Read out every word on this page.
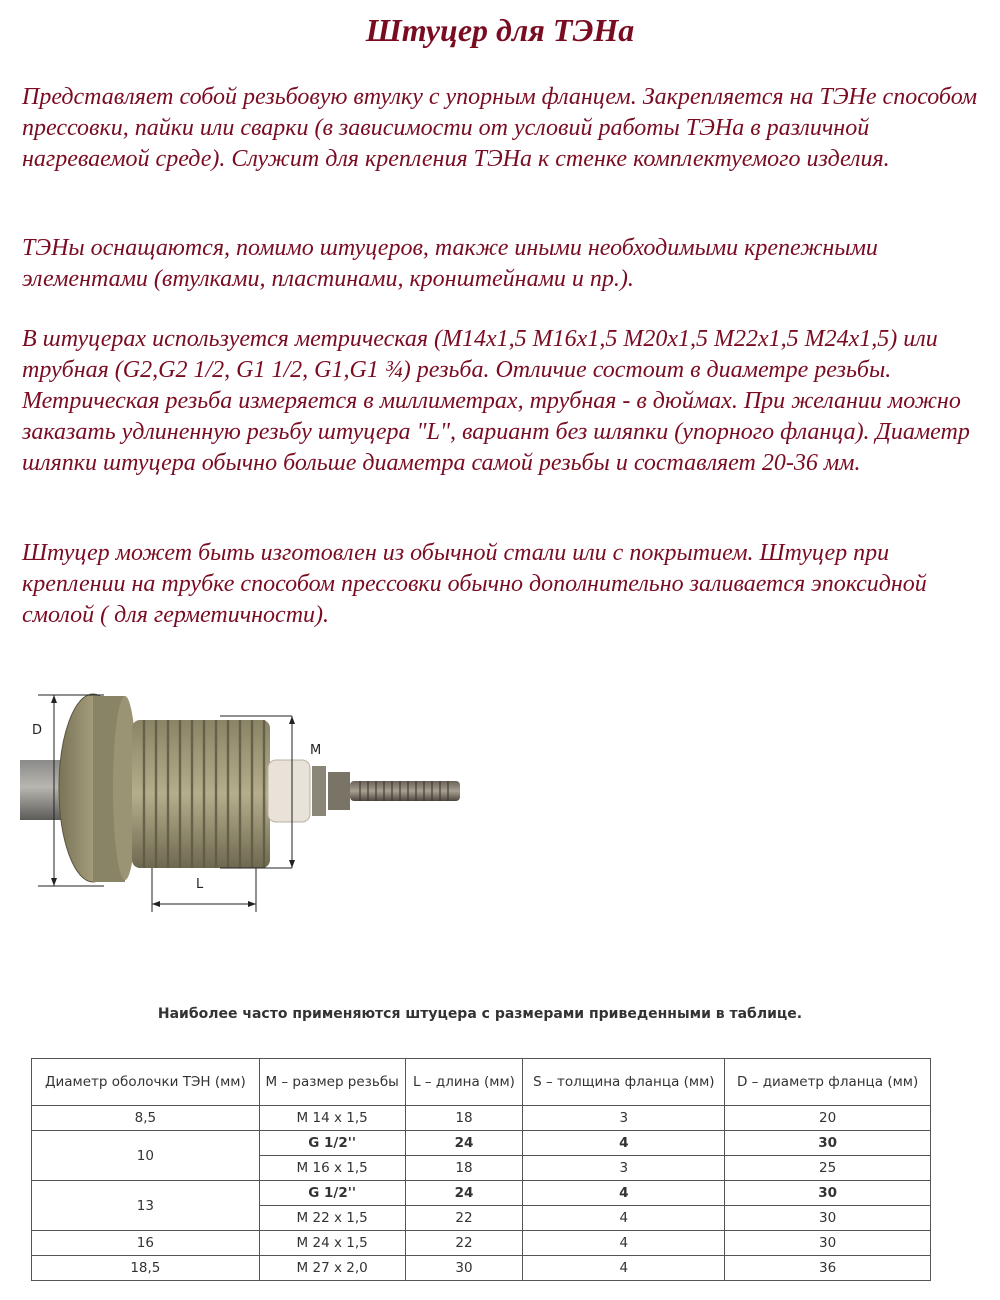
Штуцер для ТЭНа

Представляет собой резьбовую втулку с упорным фланцем. Закрепляется на ТЭНе способом прессовки, пайки или сварки (в зависимости от условий работы ТЭНа в различной нагреваемой среде). Служит для крепления ТЭНа к стенке комплектуемого изделия.

ТЭНы оснащаются, помимо штуцеров, также иными необходимыми крепежными элементами (втулками, пластинами, кронштейнами и пр.).

В штуцерах используется метрическая (М14х1,5 М16х1,5 М20х1,5 М22х1,5 М24х1,5) или трубная (G2,G2 1/2, G1 1/2, G1,G1 ¾) резьба. Отличие состоит в диаметре резьбы. Метрическая резьба измеряется в миллиметрах, трубная - в дюймах. При желании можно заказать удлиненную резьбу штуцера "L", вариант без шляпки (упорного фланца). Диаметр шляпки штуцера обычно больше диаметра самой резьбы и составляет 20-36 мм.

Штуцер может быть изготовлен из обычной стали или с покрытием. Штуцер при креплении на трубке способом прессовки обычно дополнительно заливается эпоксидной смолой ( для герметичности).

D
M
L
Наиболее часто применяются штуцера с размерами приведенными в таблице.
Диаметр оболочки ТЭН (мм)	М – размер резьбы	L – длина (мм)	S – толщина фланца (мм)	D – диаметр фланца (мм)
8,5	М 14 х 1,5	18	3	20
10	G 1/2''	24	4	30
	М 16 х 1,5	18	3	25
13	G 1/2''	24	4	30
	М 22 х 1,5	22	4	30
16	М 24 х 1,5	22	4	30
18,5	М 27 х 2,0	30	4	36
